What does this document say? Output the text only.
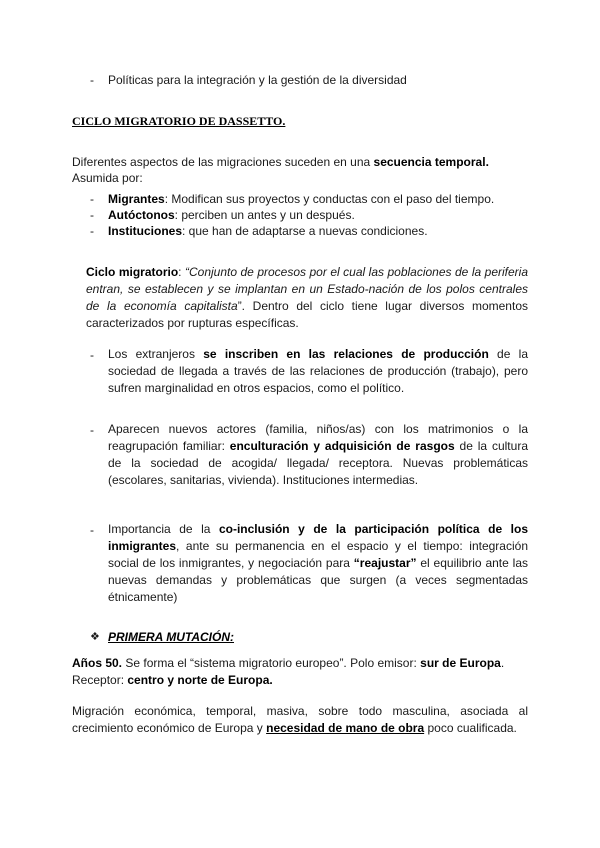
-	Políticas para la integración y la gestión de la diversidad
CICLO MIGRATORIO DE DASSETTO.
Diferentes aspectos de las migraciones suceden en una secuencia temporal.
Asumida por:
-	Migrantes: Modifican sus proyectos y conductas con el paso del tiempo.
-	Autóctonos: perciben un antes y un después.
-	Instituciones: que han de adaptarse a nuevas condiciones.
Ciclo migratorio: “Conjunto de procesos por el cual las poblaciones de la periferia entran, se establecen y se implantan en un Estado-nación de los polos centrales de la economía capitalista”. Dentro del ciclo tiene lugar diversos momentos caracterizados por rupturas específicas.
-	Los extranjeros se inscriben en las relaciones de producción de la sociedad de llegada a través de las relaciones de producción (trabajo), pero sufren marginalidad en otros espacios, como el político.
-	Aparecen nuevos actores (familia, niños/as) con los matrimonios o la reagrupación familiar: enculturación y adquisición de rasgos de la cultura de la sociedad de acogida/ llegada/ receptora. Nuevas problemáticas (escolares, sanitarias, vivienda). Instituciones intermedias.
-	Importancia de la co-inclusión y de la participación política de los inmigrantes, ante su permanencia en el espacio y el tiempo: integración social de los inmigrantes, y negociación para “reajustar” el equilibrio ante las nuevas demandas y problemáticas que surgen (a veces segmentadas étnicamente)
❖ PRIMERA MUTACIÓN:
Años 50. Se forma el “sistema migratorio europeo”. Polo emisor: sur de Europa.
Receptor: centro y norte de Europa.
Migración económica, temporal, masiva, sobre todo masculina, asociada al crecimiento económico de Europa y necesidad de mano de obra poco cualificada.
